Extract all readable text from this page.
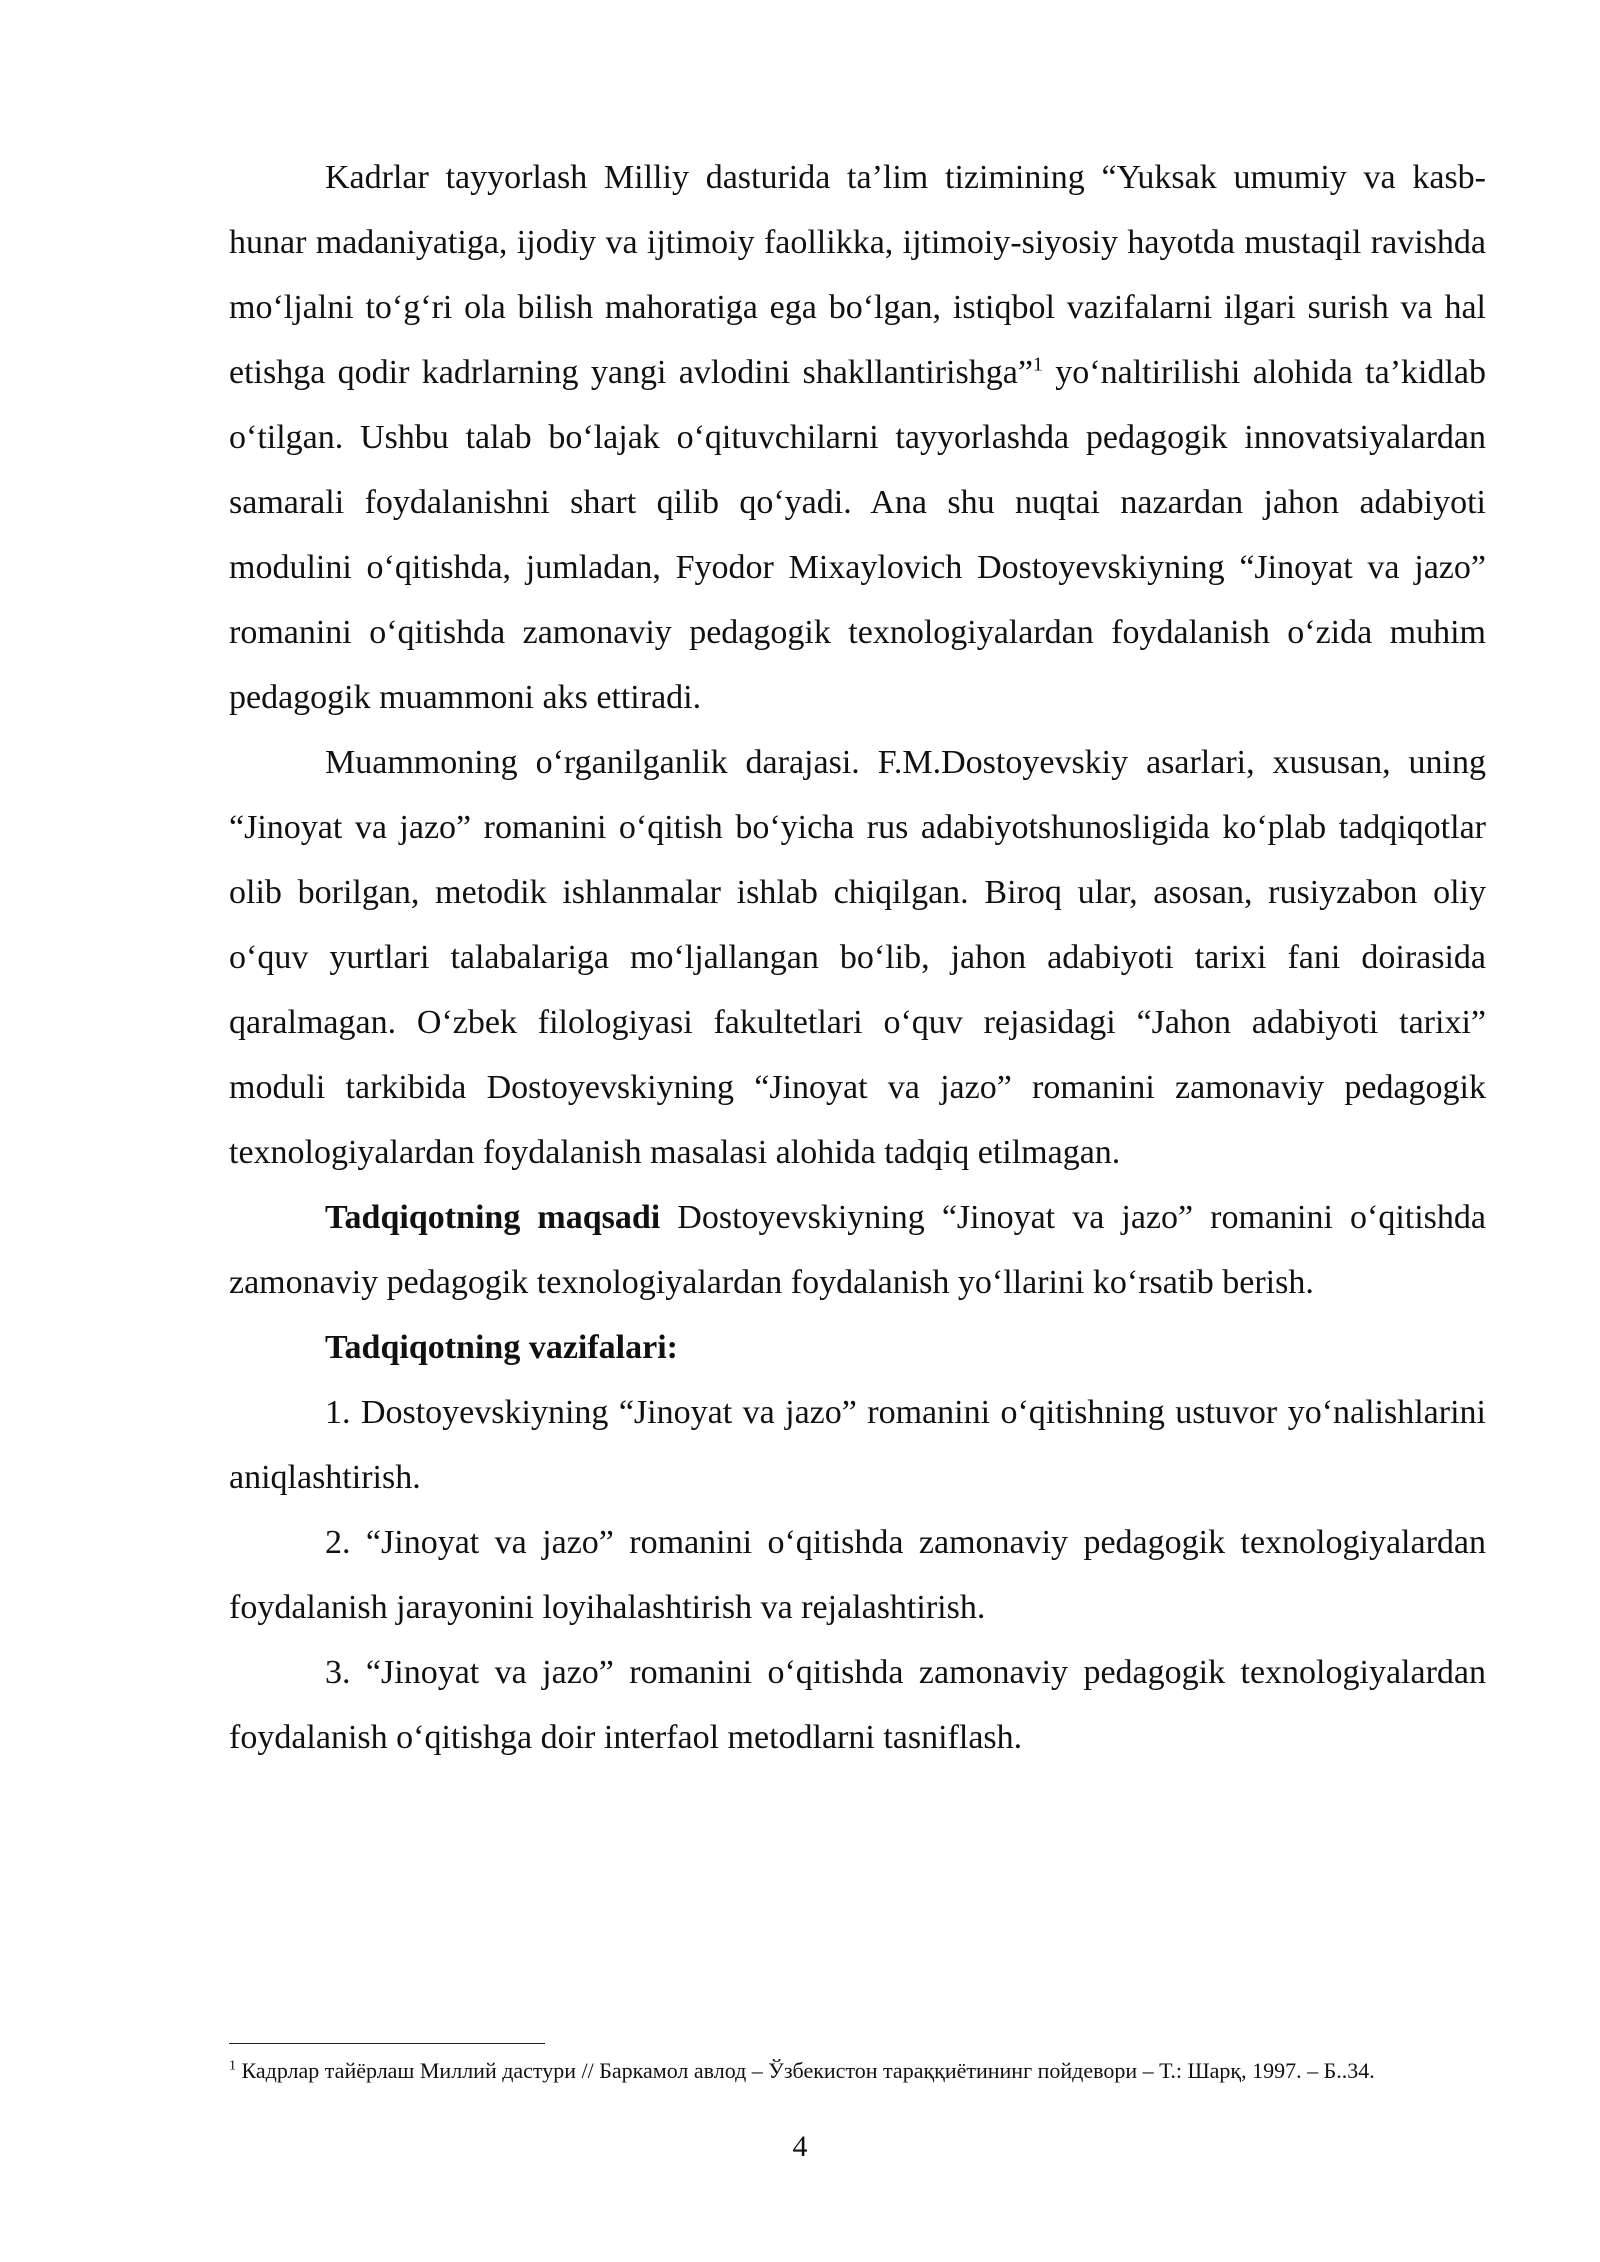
Kadrlar tayyorlash Milliy dasturida ta’lim tizimining “Yuksak umumiy va kasb-hunar madaniyatiga, ijodiy va ijtimoiy faollikka, ijtimoiy-siyosiy hayotda mustaqil ravishda mo‘ljalni to‘g‘ri ola bilish mahoratiga ega bo‘lgan, istiqbol vazifalarni ilgari surish va hal etishga qodir kadrlarning yangi avlodini shakllantirishga”$^1$ yo‘naltirilishi alohida ta’kidlab o‘tilgan. Ushbu talab bo‘lajak o‘qituvchilarni tayyorlashda pedagogik innovatsiyalardan samarali foydalanishni shart qilib qo‘yadi. Ana shu nuqtai nazardan jahon adabiyoti modulini o‘qitishda, jumladan, Fyodor Mixaylovich Dostoyevskiyning “Jinoyat va jazo” romanini o‘qitishda zamonaviy pedagogik texnologiyalardan foydalanish o‘zida muhim pedagogik muammoni aks ettiradi.

Muammoning o‘rganilganlik darajasi. F.M.Dostoyevskiy asarlari, xususan, uning “Jinoyat va jazo” romanini o‘qitish bo‘yicha rus adabiyotshunosligida ko‘plab tadqiqotlar olib borilgan, metodik ishlanmalar ishlab chiqilgan. Biroq ular, asosan, rusiyzabon oliy o‘quv yurtlari talabalariga mo‘ljallangan bo‘lib, jahon adabiyoti tarixi fani doirasida qaralmagan. O‘zbek filologiyasi fakultetlari o‘quv rejasidagi “Jahon adabiyoti tarixi” moduli tarkibida Dostoyevskiyning “Jinoyat va jazo” romanini zamonaviy pedagogik texnologiyalardan foydalanish masalasi alohida tadqiq etilmagan.

Tadqiqotning maqsadi Dostoyevskiyning “Jinoyat va jazo” romanini o‘qitishda zamonaviy pedagogik texnologiyalardan foydalanish yo‘llarini ko‘rsatib berish.

Tadqiqotning vazifalari:

1. Dostoyevskiyning “Jinoyat va jazo” romanini o‘qitishning ustuvor yo‘nalishlarini aniqlashtirish.

2. “Jinoyat va jazo” romanini o‘qitishda zamonaviy pedagogik texnologiyalardan foydalanish jarayonini loyihalashtirish va rejalashtirish.

3. “Jinoyat va jazo” romanini o‘qitishda zamonaviy pedagogik texnologiyalardan foydalanish o‘qitishga doir interfaol metodlarni tasniflash.

$^1$ Кадрлар тайёрлаш Миллий дастури // Баркамол авлод – Ўзбекистон тараққиётининг пойдевори – Т.: Шарқ, 1997. – Б..34.

4
